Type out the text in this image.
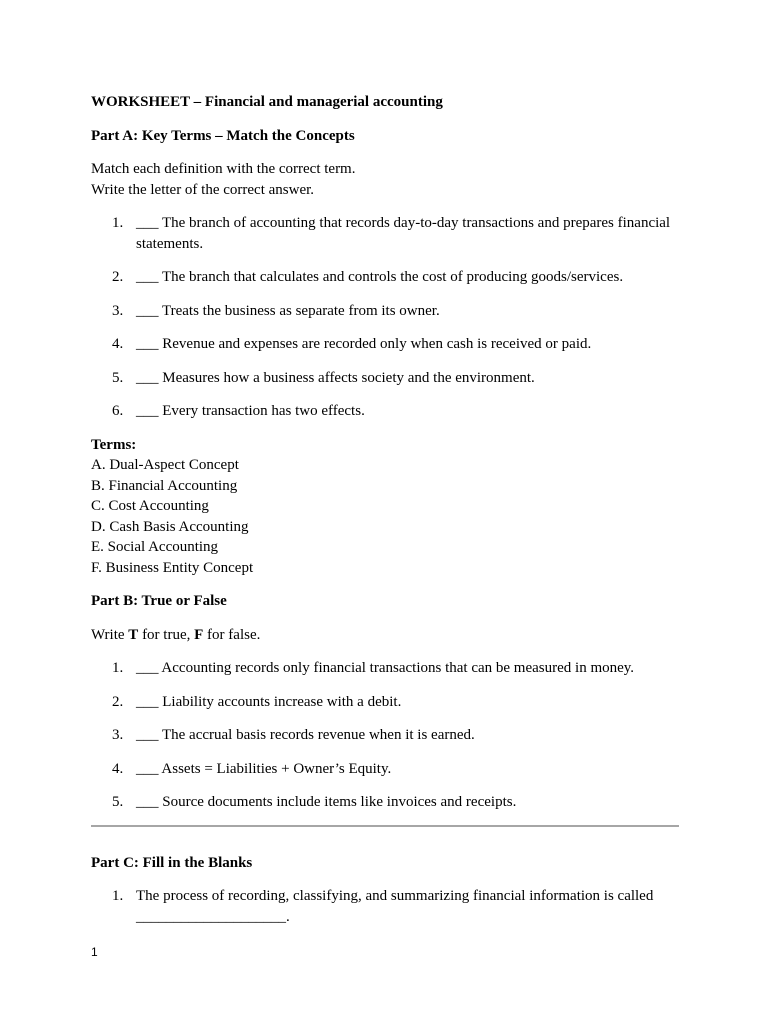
WORKSHEET – Financial and managerial accounting

Part A: Key Terms – Match the Concepts

Match each definition with the correct term.

Write the letter of the correct answer.

1. ___ The branch of accounting that records day-to-day transactions and prepares financial statements.
2. ___ The branch that calculates and controls the cost of producing goods/services.
3. ___ Treats the business as separate from its owner.
4. ___ Revenue and expenses are recorded only when cash is received or paid.
5. ___ Measures how a business affects society and the environment.
6. ___ Every transaction has two effects.

Terms:

A. Dual-Aspect Concept
B. Financial Accounting
C. Cost Accounting
D. Cash Basis Accounting
E. Social Accounting
F. Business Entity Concept

Part B: True or False

Write T for true, F for false.

1. ___ Accounting records only financial transactions that can be measured in money.
2. ___ Liability accounts increase with a debit.
3. ___ The accrual basis records revenue when it is earned.
4. ___ Assets = Liabilities + Owner’s Equity.
5. ___ Source documents include items like invoices and receipts.

Part C: Fill in the Blanks

1. The process of recording, classifying, and summarizing financial information is called ____________________.
1
